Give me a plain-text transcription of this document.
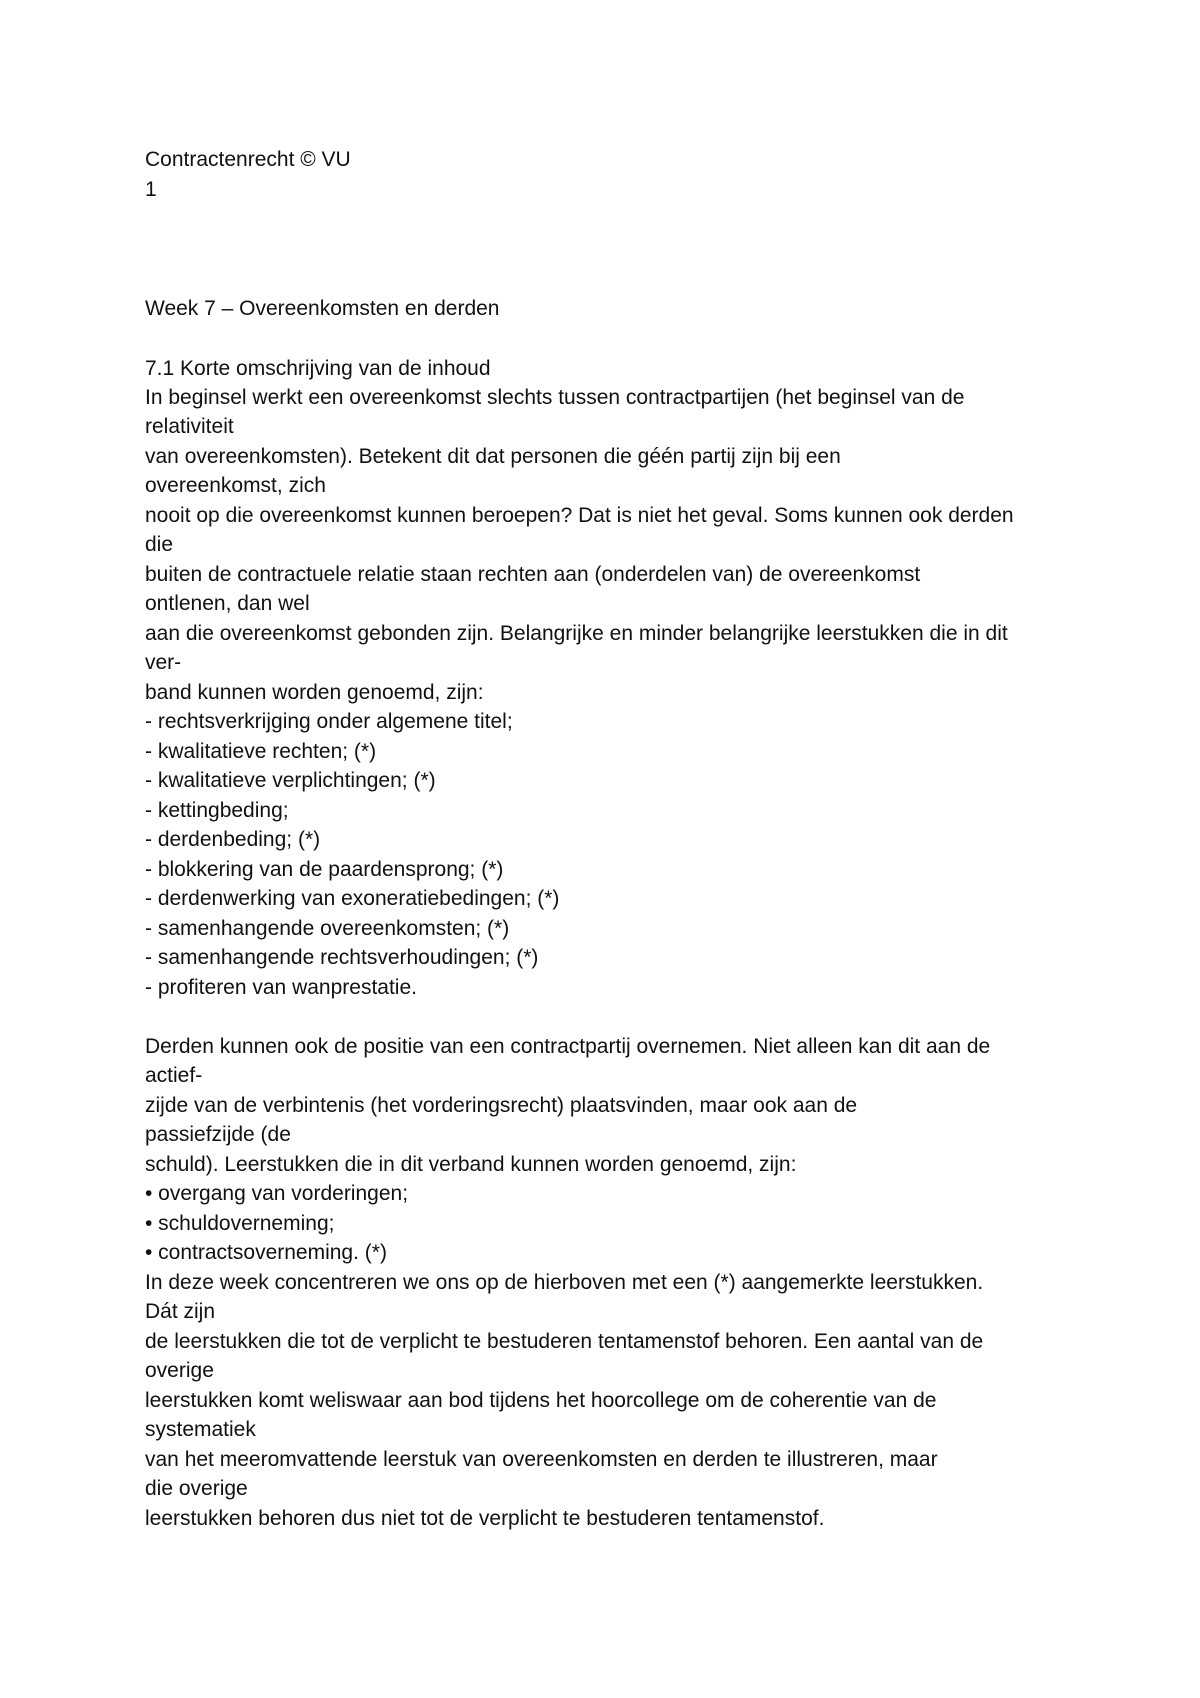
Contractenrecht © VU

1

Week 7 – Overeenkomsten en derden

7.1 Korte omschrijving van de inhoud

In beginsel werkt een overeenkomst slechts tussen contractpartijen (het beginsel van de

relativiteit

van overeenkomsten). Betekent dit dat personen die géén partij zijn bij een

overeenkomst, zich

nooit op die overeenkomst kunnen beroepen? Dat is niet het geval. Soms kunnen ook derden

die

buiten de contractuele relatie staan rechten aan (onderdelen van) de overeenkomst

ontlenen, dan wel

aan die overeenkomst gebonden zijn. Belangrijke en minder belangrijke leerstukken die in dit

ver-

band kunnen worden genoemd, zijn:

- rechtsverkrijging onder algemene titel;

- kwalitatieve rechten; (*)

- kwalitatieve verplichtingen; (*)

- kettingbeding;

- derdenbeding; (*)

- blokkering van de paardensprong; (*)

- derdenwerking van exoneratiebedingen; (*)

- samenhangende overeenkomsten; (*)

- samenhangende rechtsverhoudingen; (*)

- profiteren van wanprestatie.

Derden kunnen ook de positie van een contractpartij overnemen. Niet alleen kan dit aan de

actief-

zijde van de verbintenis (het vorderingsrecht) plaatsvinden, maar ook aan de

passiefzijde (de

schuld). Leerstukken die in dit verband kunnen worden genoemd, zijn:

• overgang van vorderingen;

• schuldoverneming;

• contractsoverneming. (*)

In deze week concentreren we ons op de hierboven met een (*) aangemerkte leerstukken.

Dát zijn

de leerstukken die tot de verplicht te bestuderen tentamenstof behoren. Een aantal van de

overige

leerstukken komt weliswaar aan bod tijdens het hoorcollege om de coherentie van de

systematiek

van het meeromvattende leerstuk van overeenkomsten en derden te illustreren, maar

die overige

leerstukken behoren dus niet tot de verplicht te bestuderen tentamenstof.
